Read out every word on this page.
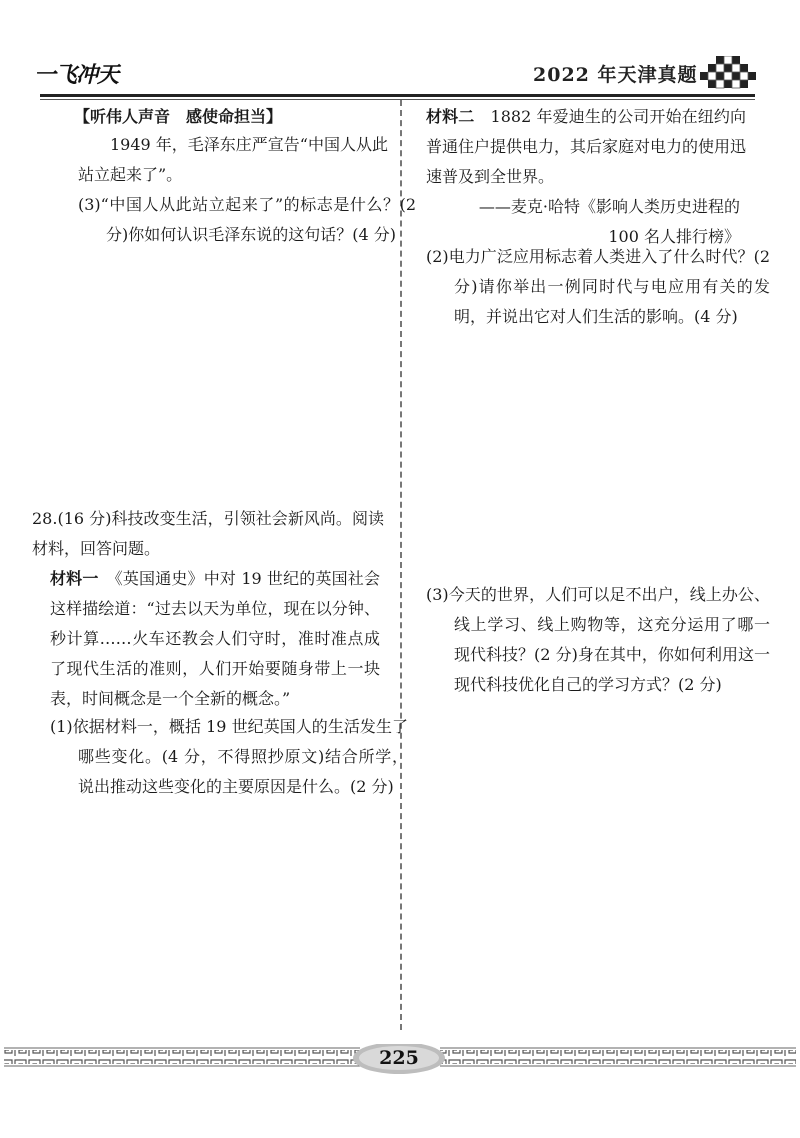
一飞冲天	2022 年天津真题

【听伟人声音　感使命担当】

1949 年，毛泽东庄严宣告“中国人从此站立起来了”。

(3)“中国人从此站立起来了”的标志是什么？(2 分)你如何认识毛泽东说的这句话？(4 分)

28.(16 分)科技改变生活，引领社会新风尚。阅读材料，回答问题。

材料一　 《英国通史》中对 19 世纪的英国社会这样描绘道：“过去以天为单位，现在以分钟、秒计算……火车还教会人们守时，准时准点成了现代生活的准则，人们开始要随身带上一块表，时间概念是一个全新的概念。”

(1)依据材料一，概括 19 世纪英国人的生活发生了哪些变化。(4 分，不得照抄原文)结合所学，说出推动这些变化的主要原因是什么。(2 分)

材料二　 1882 年爱迪生的公司开始在纽约向普通住户提供电力，其后家庭对电力的使用迅速普及到全世界。

——麦克·哈特《影响人类历史进程的
100 名人排行榜》

(2)电力广泛应用标志着人类进入了什么时代？(2 分)请你举出一例同时代与电应用有关的发明，并说出它对人们生活的影响。(4 分)

(3)今天的世界，人们可以足不出户，线上办公、线上学习、线上购物等，这充分运用了哪一现代科技？(2 分)身在其中，你如何利用这一现代科技优化自己的学习方式？(2 分)

225
